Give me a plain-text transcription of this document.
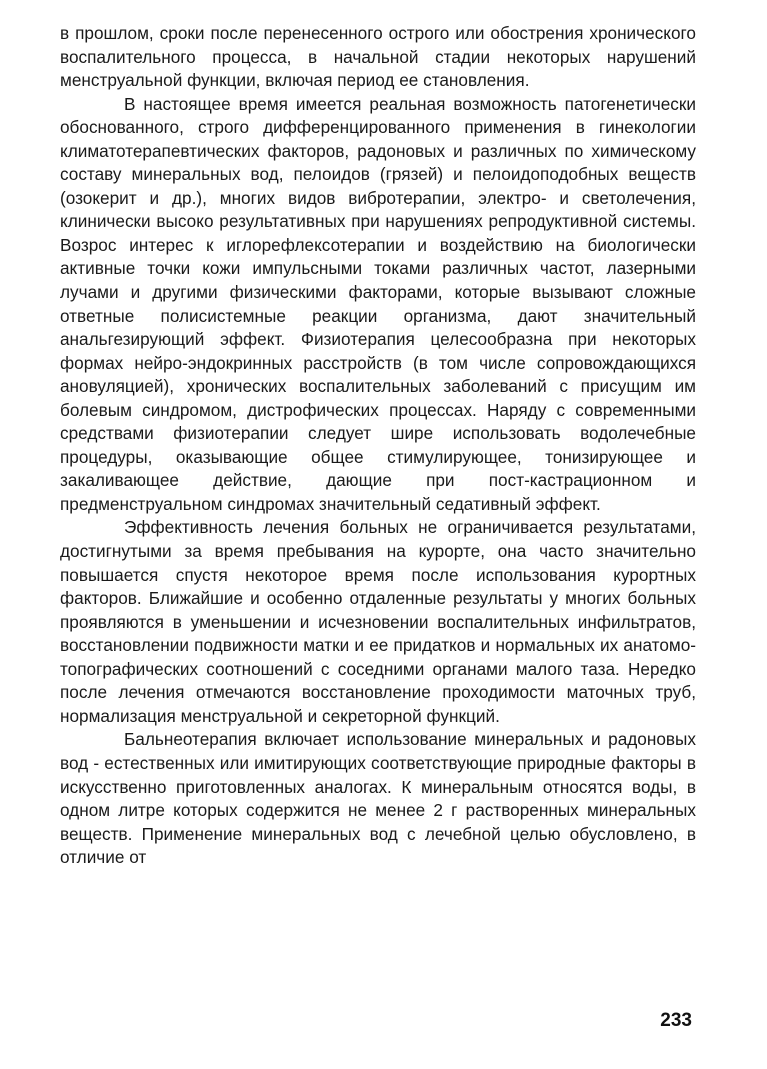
в прошлом, сроки после перенесенного острого или обострения хронического воспалительного процесса, в начальной стадии некоторых нарушений менструальной функции, включая период ее становления.

В настоящее время имеется реальная возможность патогенетически обоснованного, строго дифференцированного применения в гинекологии климатотерапевтических факторов, радоновых и различных по химическому составу минеральных вод, пелоидов (грязей) и пелоидоподобных веществ (озокерит и др.), многих видов вибротерапии, электро- и светолечения, клинически высоко результативных при нарушениях репродуктивной системы. Возрос интерес к иглорефлексотерапии и воздействию на биологически активные точки кожи импульсными токами различных частот, лазерными лучами и другими физическими факторами, которые вызывают сложные ответные полисистемные реакции организма, дают значительный анальгезирующий эффект. Физиотерапия целесообразна при некоторых формах нейро-эндокринных расстройств (в том числе сопровождающихся ановуляцией), хронических воспалительных заболеваний с присущим им болевым синдромом, дистрофических процессах. Наряду с современными средствами физиотерапии следует шире использовать водолечебные процедуры, оказывающие общее стимулирующее, тонизирующее и закаливающее действие, дающие при пост-кастрационном и предменструальном синдромах значительный седативный эффект.

Эффективность лечения больных не ограничивается результатами, достигнутыми за время пребывания на курорте, она часто значительно повышается спустя некоторое время после использования курортных факторов. Ближайшие и особенно отдаленные результаты у многих больных проявляются в уменьшении и исчезновении воспалительных инфильтратов, восстановлении подвижности матки и ее придатков и нормальных их анатомо-топографических соотношений с соседними органами малого таза. Нередко после лечения отмечаются восстановление проходимости маточных труб, нормализация менструальной и секреторной функций.

Бальнеотерапия включает использование минеральных и радоновых вод - естественных или имитирующих соответствующие природные факторы в искусственно приготовленных аналогах. К минеральным относятся воды, в одном литре которых содержится не менее 2 г растворенных минеральных веществ. Применение минеральных вод с лечебной целью обусловлено, в отличие от

233
